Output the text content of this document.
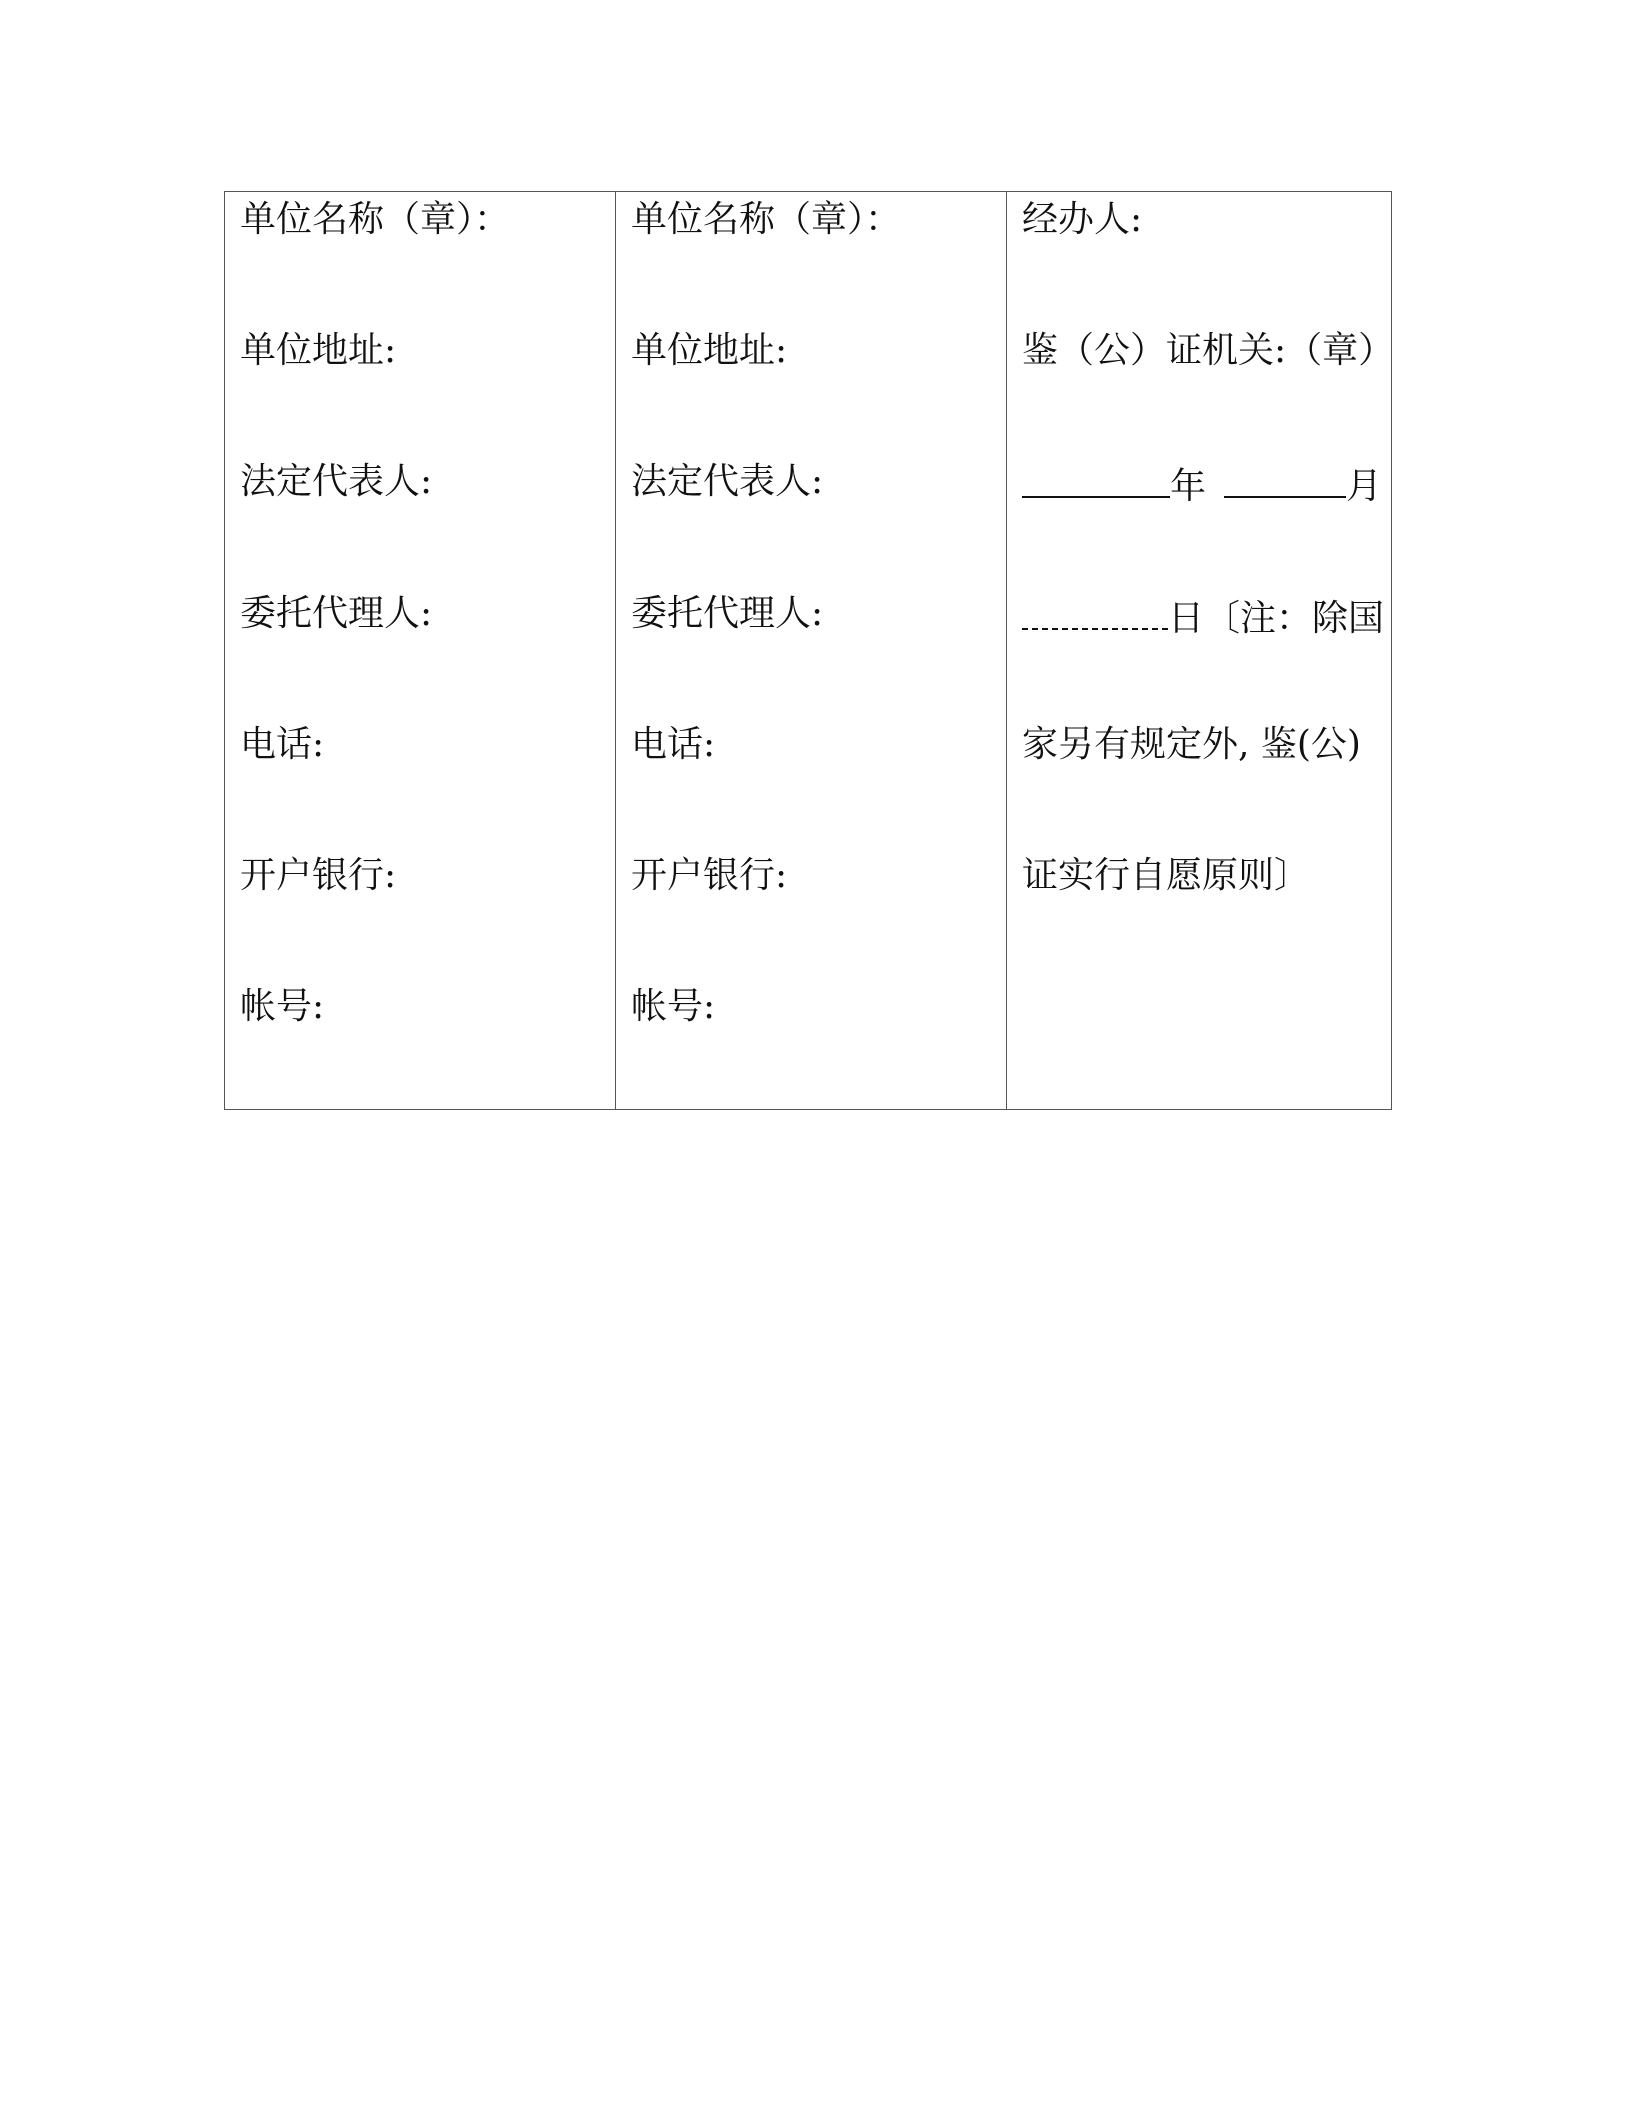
单位名称（章）：
单位地址:
法定代表人:
委托代理人:
电话:
开户银行:
帐号:
单位名称（章）：
单位地址:
法定代表人:
委托代理人:
电话:
开户银行:
帐号:
经办人:
鉴（公）证机关:（章）
年	月
日〔注：除国
家另有规定外, 鉴(公)
证实行自愿原则〕
